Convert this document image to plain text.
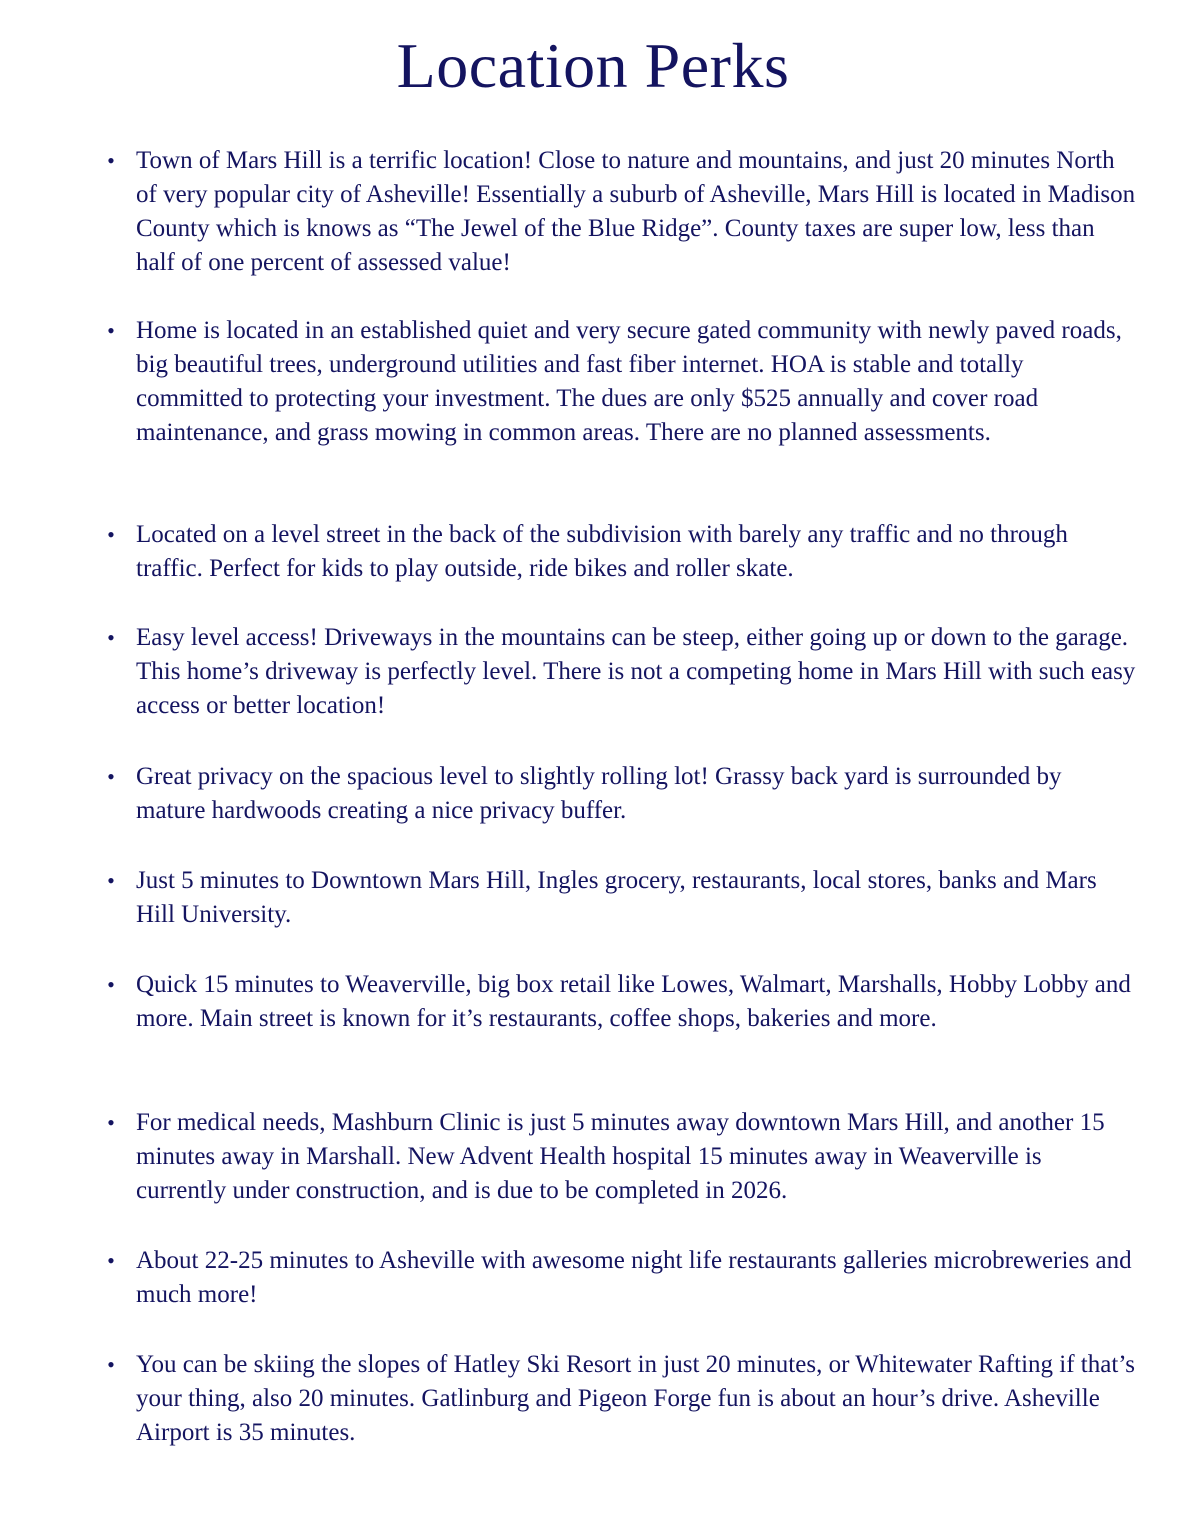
Location Perks
• Town of Mars Hill is a terrific location! Close to nature and mountains, and just 20 minutes North of very popular city of Asheville! Essentially a suburb of Asheville, Mars Hill is located in Madison County which is knows as “The Jewel of the Blue Ridge”. County taxes are super low, less than half of one percent of assessed value!
• Home is located in an established quiet and very secure gated community with newly paved roads, big beautiful trees, underground utilities and fast fiber internet. HOA is stable and totally committed to protecting your investment. The dues are only $525 annually and cover road maintenance, and grass mowing in common areas. There are no planned assessments.
• Located on a level street in the back of the subdivision with barely any traffic and no through traffic. Perfect for kids to play outside, ride bikes and roller skate.
• Easy level access! Driveways in the mountains can be steep, either going up or down to the garage. This home’s driveway is perfectly level. There is not a competing home in Mars Hill with such easy access or better location!
• Great privacy on the spacious level to slightly rolling lot! Grassy back yard is surrounded by mature hardwoods creating a nice privacy buffer.
• Just 5 minutes to Downtown Mars Hill, Ingles grocery, restaurants, local stores, banks and Mars Hill University.
• Quick 15 minutes to Weaverville, big box retail like Lowes, Walmart, Marshalls, Hobby Lobby and more. Main street is known for it’s restaurants, coffee shops, bakeries and more.
• For medical needs, Mashburn Clinic is just 5 minutes away downtown Mars Hill, and another 15 minutes away in Marshall. New Advent Health hospital 15 minutes away in Weaverville is currently under construction, and is due to be completed in 2026.
• About 22-25 minutes to Asheville with awesome night life restaurants galleries microbreweries and much more!
• You can be skiing the slopes of Hatley Ski Resort in just 20 minutes, or Whitewater Rafting if that’s your thing, also 20 minutes. Gatlinburg and Pigeon Forge fun is about an hour’s drive. Asheville Airport is 35 minutes.
